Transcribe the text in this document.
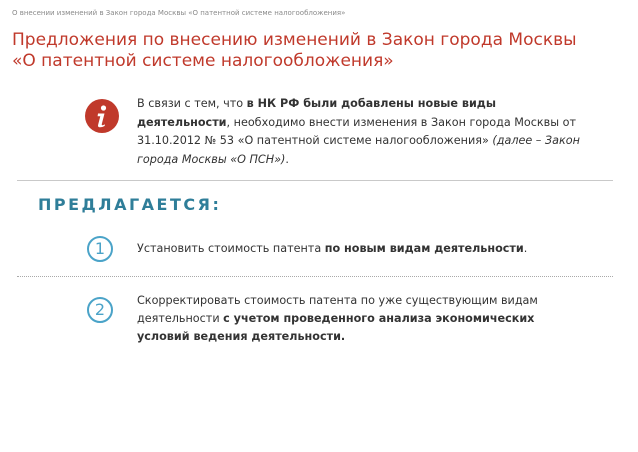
О внесении изменений в Закон города Москвы «О патентной системе налогообложения»
Предложения по внесению изменений в Закон города Москвы
«О патентной системе налогообложения»

В связи с тем, что в НК РФ были добавлены новые виды деятельности, необходимо внести изменения в Закон города Москвы от 31.10.2012 № 53 «О патентной системе налогообложения» (далее – Закон города Москвы «О ПСН»).

ПРЕДЛАГАЕТСЯ:
1	Установить стоимость патента по новым видам деятельности.

2	Скорректировать стоимость патента по уже существующим видам деятельности с учетом проведенного анализа экономических условий ведения деятельности.
